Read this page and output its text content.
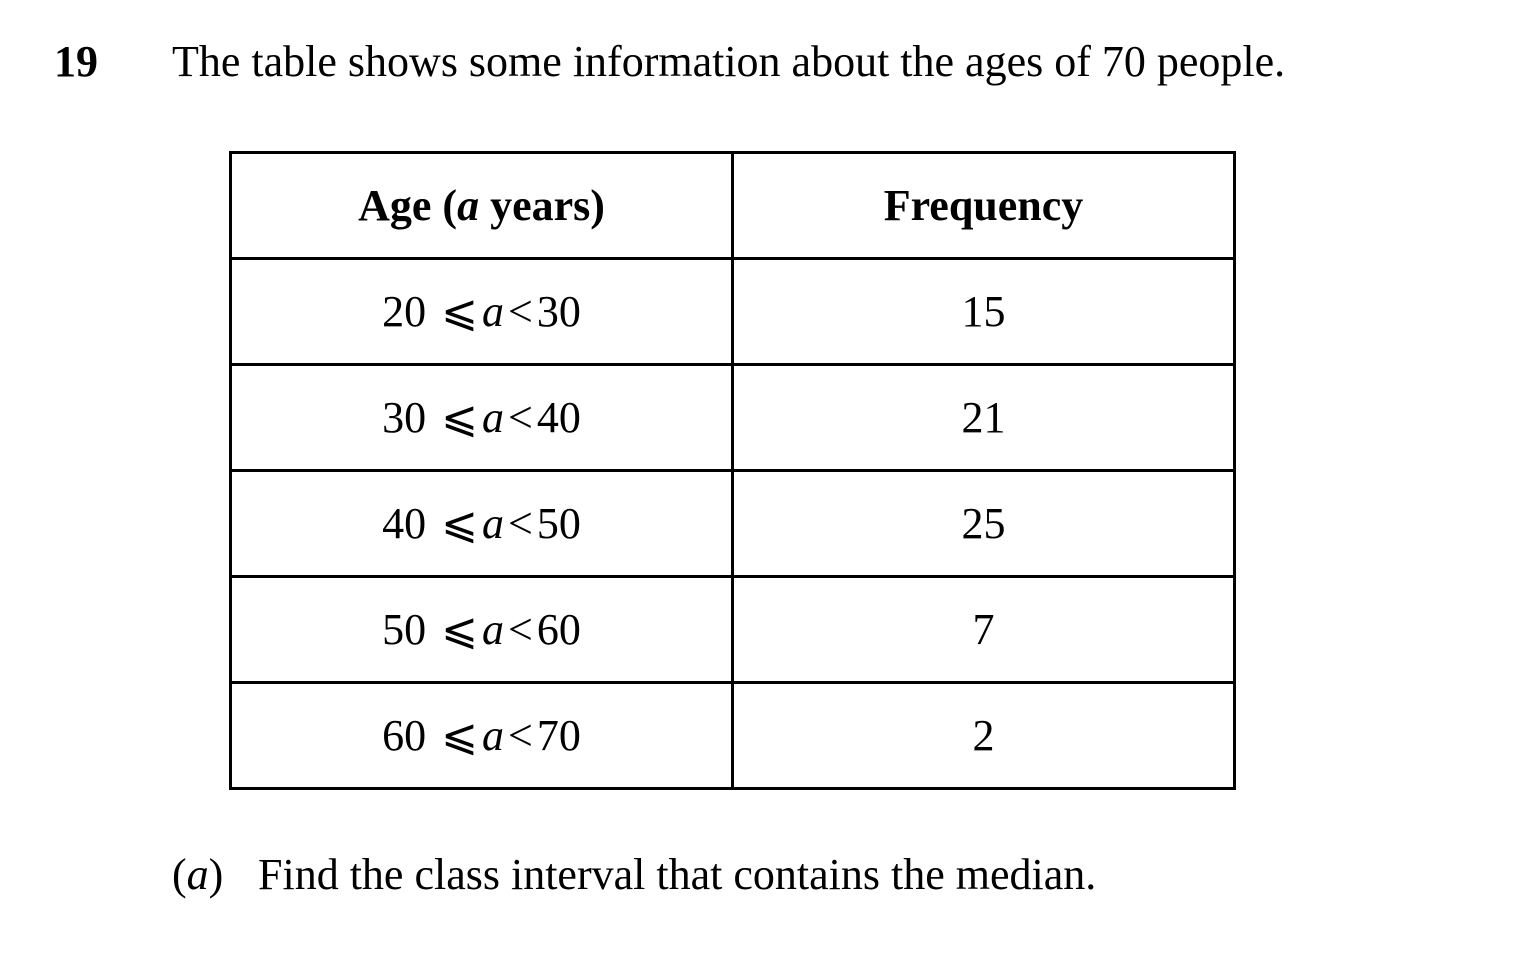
19 The table shows some information about the ages of 70 people.
Age (a years)	Frequency
20 ⩽a<30	15
30 ⩽a<40	21
40 ⩽a<50	25
50 ⩽a<60	7
60 ⩽a<70	2
(a) Find the class interval that contains the median.
